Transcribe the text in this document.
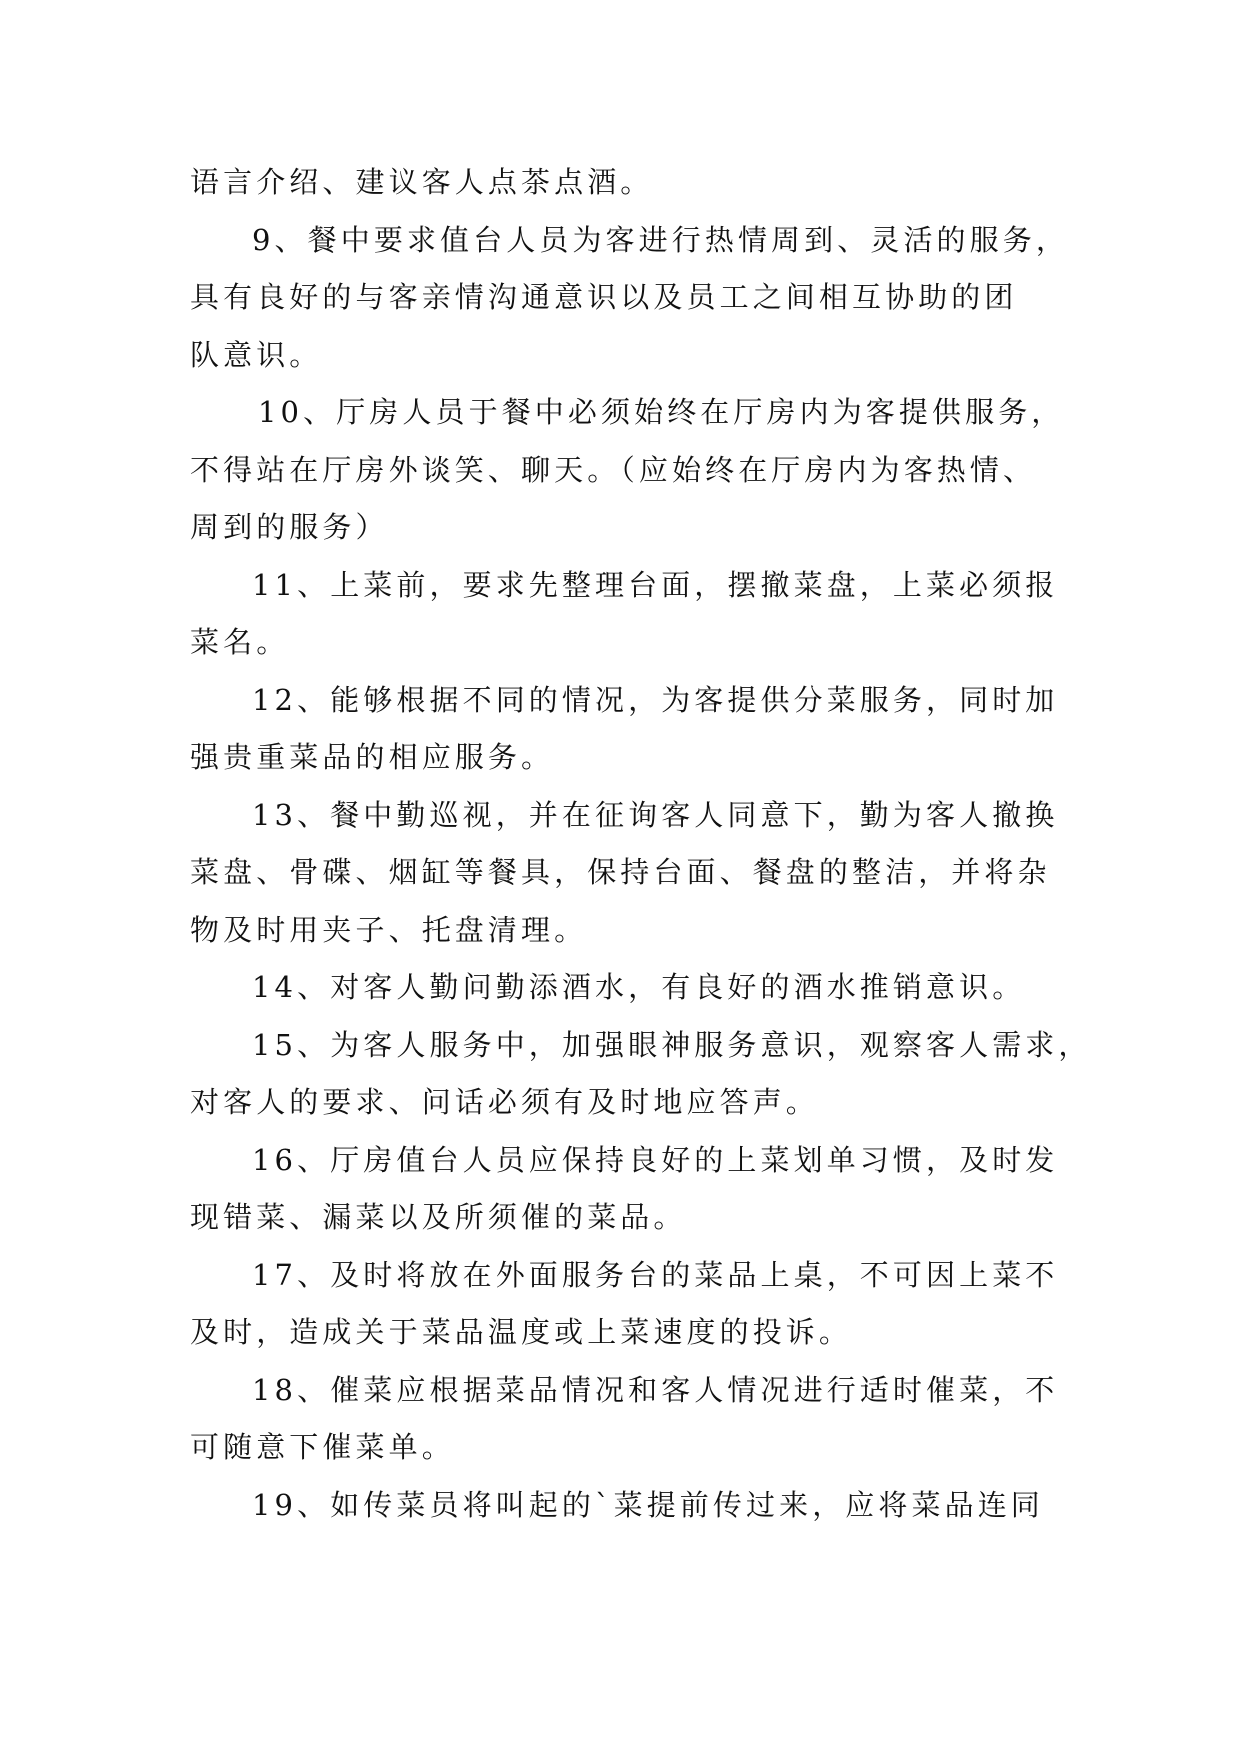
语言介绍、建议客人点茶点酒。

9、餐中要求值台人员为客进行热情周到、灵活的服务，
具有良好的与客亲情沟通意识以及员工之间相互协助的团
队意识。

10、厅房人员于餐中必须始终在厅房内为客提供服务，
不得站在厅房外谈笑、聊天。（应始终在厅房内为客热情、
周到的服务）

11、上菜前，要求先整理台面，摆撤菜盘，上菜必须报
菜名。

12、能够根据不同的情况，为客提供分菜服务，同时加
强贵重菜品的相应服务。

13、餐中勤巡视，并在征询客人同意下，勤为客人撤换
菜盘、骨碟、烟缸等餐具，保持台面、餐盘的整洁，并将杂
物及时用夹子、托盘清理。

14、对客人勤问勤添酒水，有良好的酒水推销意识。

15、为客人服务中，加强眼神服务意识，观察客人需求，
对客人的要求、问话必须有及时地应答声。

16、厅房值台人员应保持良好的上菜划单习惯，及时发
现错菜、漏菜以及所须催的菜品。

17、及时将放在外面服务台的菜品上桌，不可因上菜不
及时，造成关于菜品温度或上菜速度的投诉。

18、催菜应根据菜品情况和客人情况进行适时催菜，不
可随意下催菜单。

19、如传菜员将叫起的`菜提前传过来，应将菜品连同
